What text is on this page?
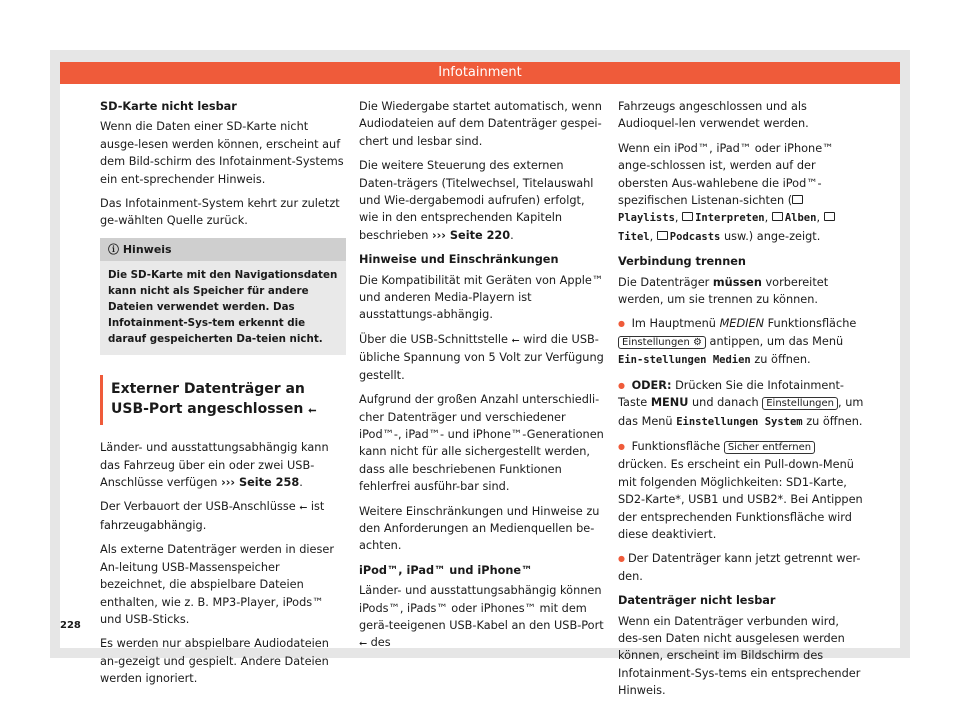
Infotainment
SD-Karte nicht lesbar

Wenn die Daten einer SD-Karte nicht ausge-lesen werden können, erscheint auf dem Bild-schirm des Infotainment-Systems ein ent-sprechender Hinweis.

Das Infotainment-System kehrt zur zuletzt ge-wählten Quelle zurück.

ⓘ Hinweis
Die SD-Karte mit den Navigationsdaten kann nicht als Speicher für andere Dateien verwendet werden. Das Infotainment-Sys-tem erkennt die darauf gespeicherten Da-teien nicht.
Externer Datenträger an USB-Port angeschlossen ⭠

Länder- und ausstattungsabhängig kann das Fahrzeug über ein oder zwei USB-Anschlüsse verfügen ››› Seite 258.

Der Verbauort der USB-Anschlüsse ⭠ ist fahrzeugabhängig.

Als externe Datenträger werden in dieser An-leitung USB-Massenspeicher bezeichnet, die abspielbare Dateien enthalten, wie z. B. MP3-Player, iPods™ und USB-Sticks.

Es werden nur abspielbare Audiodateien an-gezeigt und gespielt. Andere Dateien werden ignoriert.

Die Wiedergabe startet automatisch, wenn Audiodateien auf dem Datenträger gespei-chert und lesbar sind.

Die weitere Steuerung des externen Daten-trägers (Titelwechsel, Titelauswahl und Wie-dergabemodi aufrufen) erfolgt, wie in den entsprechenden Kapiteln beschrieben ››› Seite 220.

Hinweise und Einschränkungen

Die Kompatibilität mit Geräten von Apple™ und anderen Media-Playern ist ausstattungs-abhängig.

Über die USB-Schnittstelle ⭠ wird die USB-übliche Spannung von 5 Volt zur Verfügung gestellt.

Aufgrund der großen Anzahl unterschiedli-cher Datenträger und verschiedener iPod™-, iPad™- und iPhone™-Generationen kann nicht für alle sichergestellt werden, dass alle beschriebenen Funktionen fehlerfrei ausführ-bar sind.

Weitere Einschränkungen und Hinweise zu den Anforderungen an Medienquellen be-achten.

iPod™, iPad™ und iPhone™

Länder- und ausstattungsabhängig können iPods™, iPads™ oder iPhones™ mit dem gerä-teeigenen USB-Kabel an den USB-Port ⭠ des

Fahrzeugs angeschlossen und als Audioquel-len verwendet werden.

Wenn ein iPod™, iPad™ oder iPhone™ ange-schlossen ist, werden auf der obersten Aus-wahlebene die iPod™-spezifischen Listenan-sichten (Playlists, Interpreten, Alben, Titel, Podcasts usw.) ange-zeigt.

Verbindung trennen

Die Datenträger müssen vorbereitet werden, um sie trennen zu können.

● Im Hauptmenü MEDIEN Funktionsfläche Einstellungen ⚙ antippen, um das Menü Ein-stellungen Medien zu öffnen.

● ODER: Drücken Sie die Infotainment-Taste MENU und danach Einstellungen , um das Menü Einstellungen System zu öffnen.

● Funktionsfläche Sicher entfernen drücken. Es erscheint ein Pull-down-Menü mit folgenden Möglichkeiten: SD1-Karte, SD2-Karte*, USB1 und USB2*. Bei Antippen der entsprechenden Funktionsfläche wird diese deaktiviert.

● Der Datenträger kann jetzt getrennt wer-den.

Datenträger nicht lesbar

Wenn ein Datenträger verbunden wird, des-sen Daten nicht ausgelesen werden können, erscheint im Bildschirm des Infotainment-Sys-tems ein entsprechender Hinweis.

228
